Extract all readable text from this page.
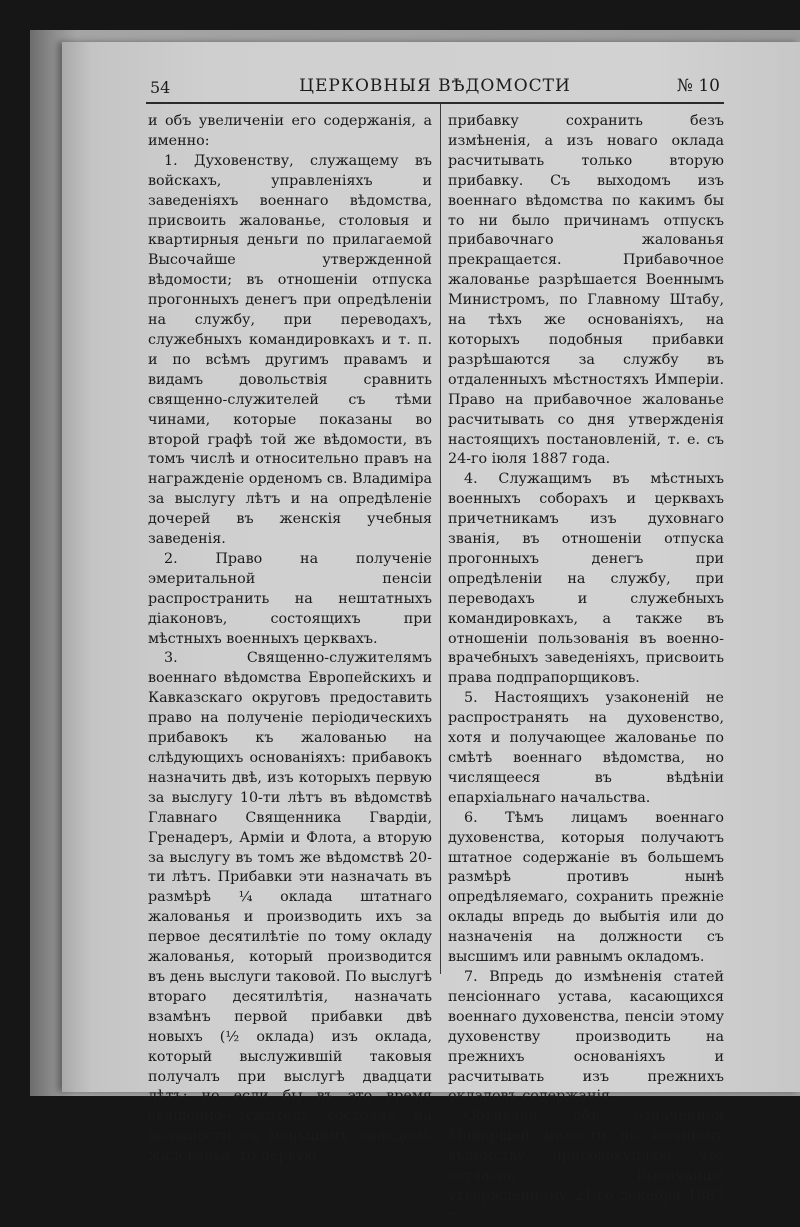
54	ЦЕРКОВНЫЯ ВѢДОМОСТИ	№ 10

и объ увеличеніи его содержанія, а именно:

1. Духовенству, служащему въ войскахъ, управленіяхъ и заведеніяхъ военнаго вѣдомства, присвоить жалованье, столовыя и квартирныя деньги по прилагаемой Высочайше утвержденной вѣдомости; въ отношеніи отпуска прогонныхъ денегъ при опредѣленіи на службу, при переводахъ, служебныхъ командировкахъ и т. п. и по всѣмъ другимъ правамъ и видамъ довольствія сравнить священно-служителей съ тѣми чинами, которые показаны во второй графѣ той же вѣдомости, въ томъ числѣ и относительно правъ на награжденіе орденомъ св. Владиміра за выслугу лѣтъ и на опредѣленіе дочерей въ женскія учебныя заведенія.

2. Право на полученіе эмеритальной пенсіи распространить на нештатныхъ діаконовъ, состоящихъ при мѣстныхъ военныхъ церквахъ.

3. Священно-служителямъ военнаго вѣдомства Европейскихъ и Кавказскаго округовъ предоставить право на полученіе періодическихъ прибавокъ къ жалованью на слѣдующихъ основаніяхъ: прибавокъ назначить двѣ, изъ которыхъ первую за выслугу 10-ти лѣтъ въ вѣдомствѣ Главнаго Священника Гвардіи, Гренадеръ, Арміи и Флота, а вторую за выслугу въ томъ же вѣдомствѣ 20-ти лѣтъ. Прибавки эти назначать въ размѣрѣ ¼ оклада штатнаго жалованья и производить ихъ за первое десятилѣтіе по тому окладу жалованья, который производится въ день выслуги таковой. По выслугѣ втораго десятилѣтія, назначать взамѣнъ первой прибавки двѣ новыхъ (½ оклада) изъ оклада, который выслужившій таковыя получалъ при выслугѣ двадцати лѣтъ; но если бы въ это время священно-служитель состоялъ на должности съ меньшимъ окладомъ жалованья, то первую

прибавку сохранить безъ измѣненія, а изъ новаго оклада расчитывать только вторую прибавку. Съ выходомъ изъ военнаго вѣдомства по какимъ бы то ни было причинамъ отпускъ прибавочнаго жалованья прекращается. Прибавочное жалованье разрѣшается Военнымъ Министромъ, по Главному Штабу, на тѣхъ же основаніяхъ, на которыхъ подобныя прибавки разрѣшаются за службу въ отдаленныхъ мѣстностяхъ Имперіи. Право на прибавочное жалованье расчитывать со дня утвержденія настоящихъ постановленій, т. е. съ 24-го іюля 1887 года.

4. Служащимъ въ мѣстныхъ военныхъ соборахъ и церквахъ причетникамъ изъ духовнаго званія, въ отношеніи отпуска прогонныхъ денегъ при опредѣленіи на службу, при переводахъ и служебныхъ командировкахъ, а также въ отношеніи пользованія въ военно-врачебныхъ заведеніяхъ, присвоить права подпрапорщиковъ.

5. Настоящихъ узаконеній не распространять на духовенство, хотя и получающее жалованье по смѣтѣ военнаго вѣдомства, но числящееся въ вѣдѣніи епархіальнаго начальства.

6. Тѣмъ лицамъ военнаго духовенства, которыя получаютъ штатное содержаніе въ большемъ размѣрѣ противъ нынѣ опредѣляемаго, сохранить прежніе оклады впредь до выбытія или до назначенія на должности съ высшимъ или равнымъ окладомъ.

7. Впредь до измѣненія статей пенсіоннаго устава, касающихся военнаго духовенства, пенсіи этому духовенству производить на прежнихъ основаніяхъ и расчитывать изъ прежнихъ окладовъ содержанія.

Объявляя объ означенной Монаршей милости по военному вѣдомству, присовокупляю, что согласно Высочайше утвержденному 21-го декабря 1887 г.
